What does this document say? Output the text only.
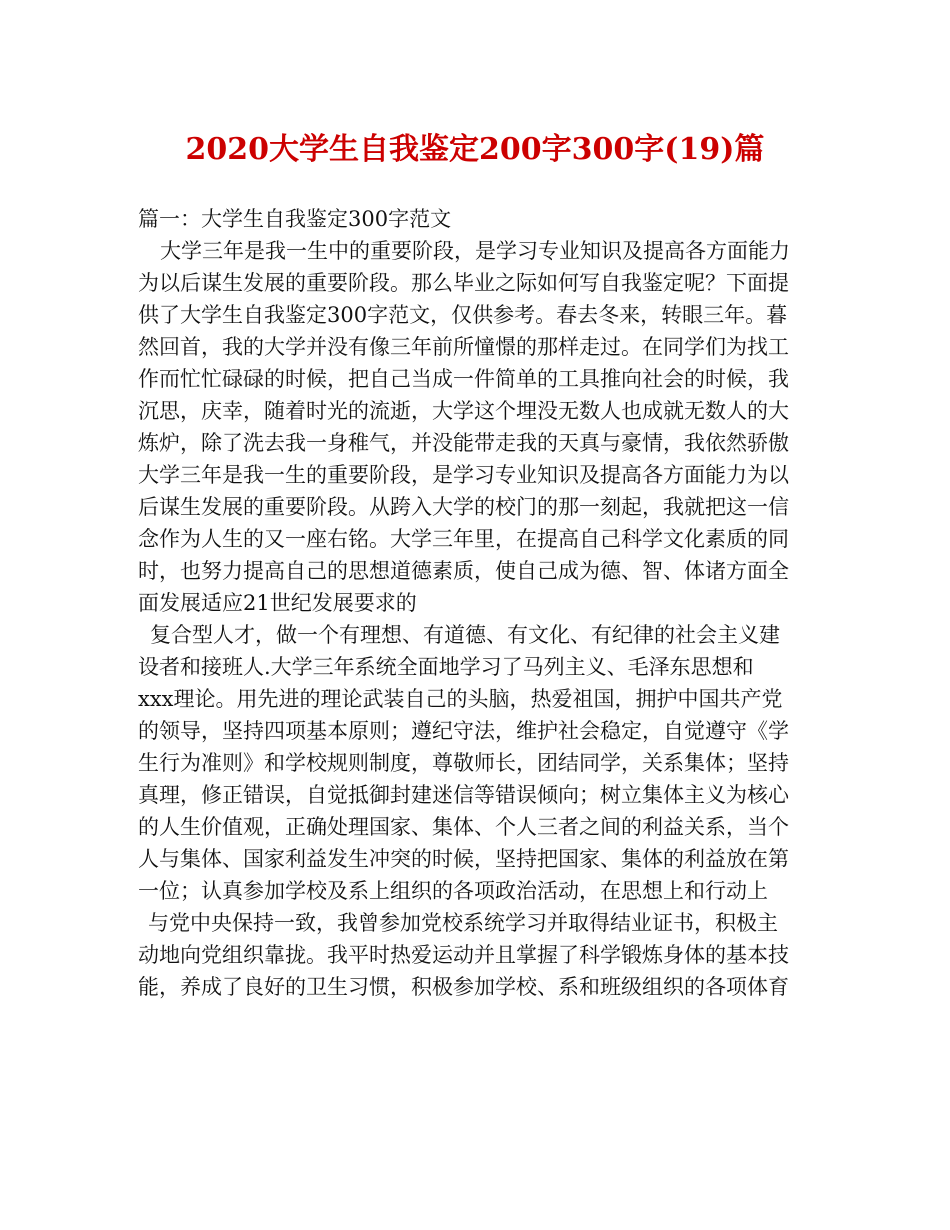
2020大学生自我鉴定200字300字(19)篇
篇一：大学生自我鉴定300字范文
大学三年是我一生中的重要阶段，是学习专业知识及提高各方面能力
为以后谋生发展的重要阶段。那么毕业之际如何写自我鉴定呢？下面提
供了大学生自我鉴定300字范文，仅供参考。春去冬来，转眼三年。暮
然回首，我的大学并没有像三年前所憧憬的那样走过。在同学们为找工
作而忙忙碌碌的时候，把自己当成一件简单的工具推向社会的时候，我
沉思，庆幸，随着时光的流逝，大学这个埋没无数人也成就无数人的大
炼炉，除了洗去我一身稚气，并没能带走我的天真与豪情，我依然骄傲
大学三年是我一生的重要阶段，是学习专业知识及提高各方面能力为以
后谋生发展的重要阶段。从跨入大学的校门的那一刻起，我就把这一信
念作为人生的又一座右铭。大学三年里，在提高自己科学文化素质的同
时，也努力提高自己的思想道德素质，使自己成为德、智、体诸方面全
面发展适应21世纪发展要求的
复合型人才，做一个有理想、有道德、有文化、有纪律的社会主义建
设者和接班人.大学三年系统全面地学习了马列主义、毛泽东思想和
xxx理论。用先进的理论武装自己的头脑，热爱祖国，拥护中国共产党
的领导，坚持四项基本原则；遵纪守法，维护社会稳定，自觉遵守《学
生行为准则》和学校规则制度，尊敬师长，团结同学，关系集体；坚持
真理，修正错误，自觉抵御封建迷信等错误倾向；树立集体主义为核心
的人生价值观，正确处理国家、集体、个人三者之间的利益关系，当个
人与集体、国家利益发生冲突的时候，坚持把国家、集体的利益放在第
一位；认真参加学校及系上组织的各项政治活动，在思想上和行动上
与党中央保持一致，我曾参加党校系统学习并取得结业证书，积极主
动地向党组织靠拢。我平时热爱运动并且掌握了科学锻炼身体的基本技
能，养成了良好的卫生习惯，积极参加学校、系和班级组织的各项体育
